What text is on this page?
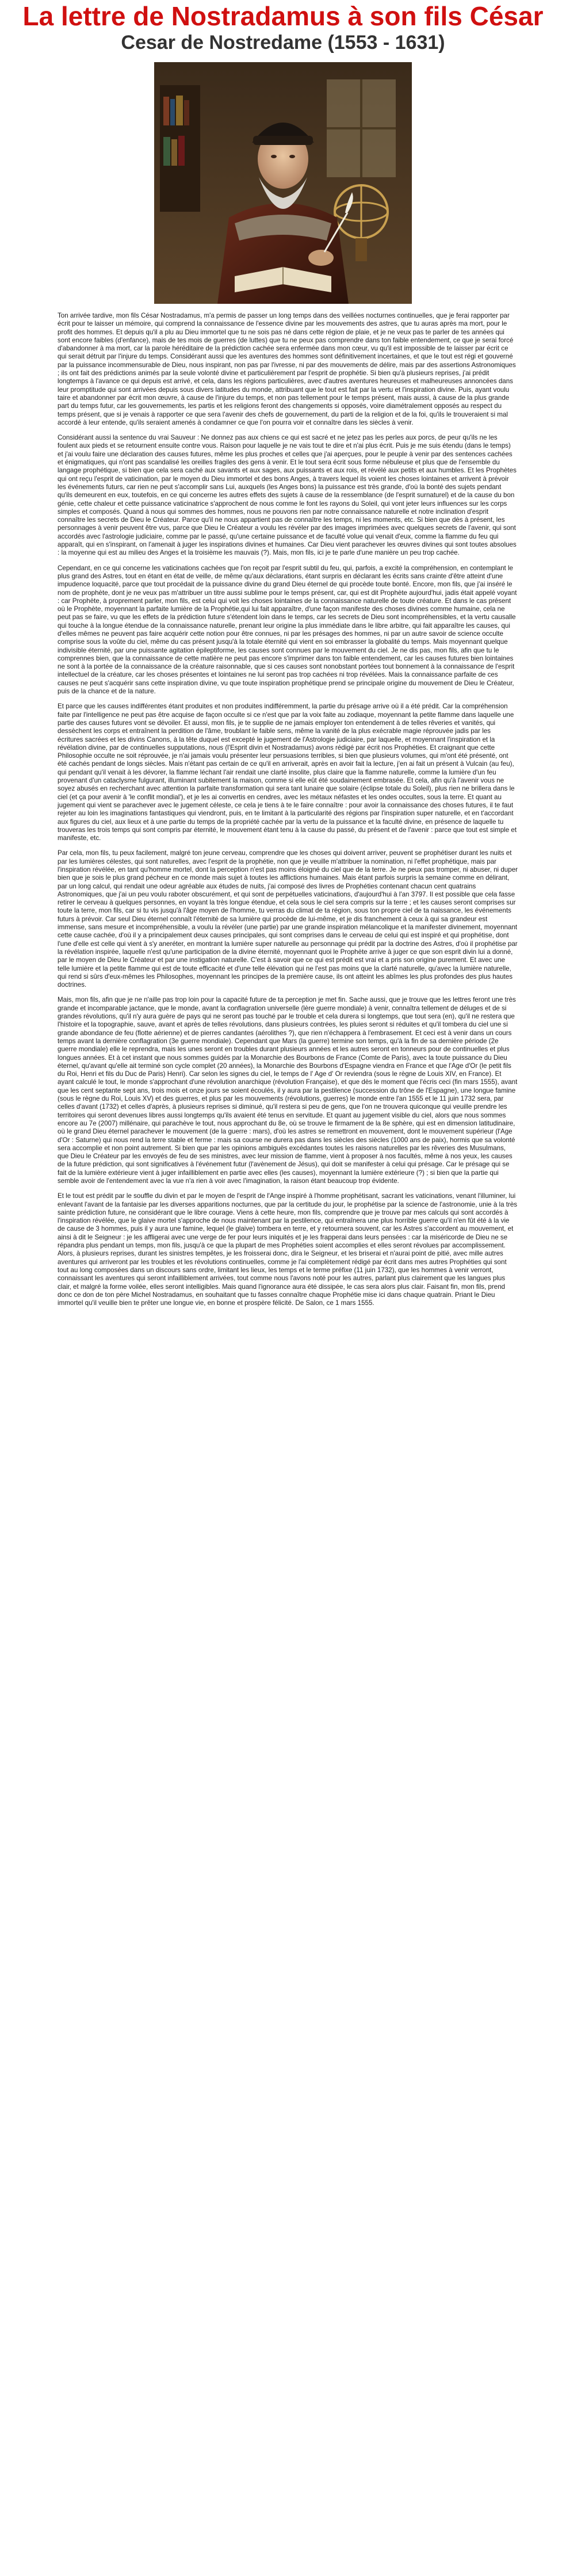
La lettre de Nostradamus à son fils César
Cesar de Nostredame (1553 - 1631)

Ton arrivée tardive, mon fils César Nostradamus, m'a permis de passer un long temps dans des veillées nocturnes continuelles, que je ferai rapporter par écrit pour te laisser un mémoire, qui comprend la connaissance de l'essence divine par les mouvements des astres, que tu auras après ma mort, pour le profit des hommes. Et depuis qu'il a plu au Dieu immortel que tu ne sois pas né dans cette région de plaie, et je ne veux pas te parler de tes années qui sont encore faibles (d'enfance), mais de tes mois de guerres (de luttes) que tu ne peux pas comprendre dans ton faible entendement, ce que je serai forcé d'abandonner à ma mort, car la parole héréditaire de la prédiction cachée sera enfermée dans mon cœur, vu qu'il est impossible de te laisser par écrit ce qui serait détruit par l'injure du temps. Considérant aussi que les aventures des hommes sont définitivement incertaines, et que le tout est régi et gouverné par la puissance incommensurable de Dieu, nous inspirant, non pas par l'ivresse, ni par des mouvements de délire, mais par des assertions Astronomiques ; ils ont fait des prédictions animés par la seule volonté divine et particulièrement par l'esprit de prophétie. Si bien qu'à plusieurs reprises, j'ai prédit longtemps à l'avance ce qui depuis est arrivé, et cela, dans les régions particulières, avec d'autres aventures heureuses et malheureuses annoncées dans leur promptitude qui sont arrivées depuis sous divers latitudes du monde, attribuant que le tout est fait par la vertu et l'inspiration divine. Puis, ayant voulu taire et abandonner par écrit mon œuvre, à cause de l'injure du temps, et non pas tellement pour le temps présent, mais aussi, à cause de la plus grande part du temps futur, car les gouvernements, les partis et les religions feront des changements si opposés, voire diamétralement opposés au respect du temps présent, que si je venais à rapporter ce que sera l'avenir des chefs de gouvernement, du parti de la religion et de la foi, qu'ils le trouveraient si mal accordé à leur entende, qu'ils seraient amenés à condamner ce que l'on pourra voir et connaître dans les siècles à venir.

Considérant aussi la sentence du vrai Sauveur : Ne donnez pas aux chiens ce qui est sacré et ne jetez pas les perles aux porcs, de peur qu'ils ne les foulent aux pieds et se retournent ensuite contre vous. Raison pour laquelle je ne vais tout te dire et n'ai plus écrit. Puis je me suis étendu (dans le temps) et j'ai voulu faire une déclaration des causes futures, même les plus proches et celles que j'ai aperçues, pour le peuple à venir par des sentences cachées et énigmatiques, qui n'ont pas scandalisé les oreilles fragiles des gens à venir. Et le tout sera écrit sous forme nébuleuse et plus que de l'ensemble du langage prophétique, si bien que cela sera caché aux savants et aux sages, aux puissants et aux rois, et révélé aux petits et aux humbles. Et les Prophètes qui ont reçu l'esprit de vaticination, par le moyen du Dieu immortel et des bons Anges, à travers lequel ils voient les choses lointaines et arrivent à prévoir les événements futurs, car rien ne peut s'accomplir sans Lui, auxquels (les Anges bons) la puissance est très grande, d'où la bonté des sujets pendant qu'ils demeurent en eux, toutefois, en ce qui concerne les autres effets des sujets à cause de la ressemblance (de l'esprit surnaturel) et de la cause du bon génie, cette chaleur et cette puissance vaticinatrice s'approchent de nous comme le font les rayons du Soleil, qui vont jeter leurs influences sur les corps simples et composés. Quand à nous qui sommes des hommes, nous ne pouvons rien par notre connaissance naturelle et notre inclination d'esprit connaître les secrets de Dieu le Créateur. Parce qu'il ne nous appartient pas de connaître les temps, ni les moments, etc. Si bien que dès à présent, les personnages à venir peuvent être vus, parce que Dieu le Créateur a voulu les révéler par des images imprimées avec quelques secrets de l'avenir, qui sont accordés avec l'astrologie judiciaire, comme par le passé, qu'une certaine puissance et de faculté volue qui venait d'eux, comme la flamme du feu qui apparaît, qui en s'inspirant, on l'amenait à juger les inspirations divines et humaines. Car Dieu vient parachever les œuvres divines qui sont toutes absolues : la moyenne qui est au milieu des Anges et la troisième les mauvais (?). Mais, mon fils, ici je te parle d'une manière un peu trop cachée.

Cependant, en ce qui concerne les vaticinations cachées que l'on reçoit par l'esprit subtil du feu, qui, parfois, a excité la compréhension, en contemplant le plus grand des Astres, tout en étant en état de veille, de même qu'aux déclarations, étant surpris en déclarant les écrits sans crainte d'être atteint d'une impudence loquacité, parce que tout procédait de la puissance divine du grand Dieu éternel de qui procède toute bonté. Encore, mon fils, que j'ai inséré le nom de prophète, dont je ne veux pas m'attribuer un titre aussi sublime pour le temps présent, car, qui est dit Prophète aujourd'hui, jadis était appelé voyant : car Prophète, à proprement parler, mon fils, est celui qui voit les choses lointaines de la connaissance naturelle de toute créature. Et dans le cas présent où le Prophète, moyennant la parfaite lumière de la Prophétie,qui lui fait apparaître, d'une façon manifeste des choses divines comme humaine, cela ne peut pas se faire, vu que les effets de la prédiction future s'étendent loin dans le temps, car les secrets de Dieu sont incompréhensibles, et la vertu causalle qui touche à la longue étendue de la connaissance naturelle, prenant leur origine la plus immédiate dans le libre arbitre, qui fait apparaître les causes, qui d'elles mêmes ne peuvent pas faire acquérir cette notion pour être connues, ni par les présages des hommes, ni par un autre savoir de science occulte comprise sous la voûte du ciel, même du cas présent jusqu'à la totale éternité qui vient en soi embrasser la globalité du temps. Mais moyennant quelque indivisible éternité, par une puissante agitation épileptiforme, les causes sont connues par le mouvement du ciel. Je ne dis pas, mon fils, afin que tu le comprennes bien, que la connaissance de cette matière ne peut pas encore s'imprimer dans ton faible entendement, car les causes futures bien lointaines ne sont à la portée de la connaissance de la créature raisonnable, que si ces causes sont nonobstant portées tout bonnement à la connaissance de l'esprit intellectuel de la créature, car les choses présentes et lointaines ne lui seront pas trop cachées ni trop révélées. Mais la connaissance parfaite de ces causes ne peut s'acquérir sans cette inspiration divine, vu que toute inspiration prophétique prend se principale origine du mouvement de Dieu le Créateur, puis de la chance et de la nature.

Et parce que les causes indifférentes étant produites et non produites indifféremment, la partie du présage arrive où il a été prédit. Car la compréhension faite par l'intelligence ne peut pas être acquise de façon occulte si ce n'est que par la voix faite au zodiaque, moyennant la petite flamme dans laquelle une partie des causes futures vont se dévoiler. Et aussi, mon fils, je te supplie de ne jamais employer ton entendement à de telles rêveries et vanités, qui dessèchent les corps et entraînent la perdition de l'âme, troublant le faible sens, même la vanité de la plus exécrable magie réprouvée jadis par les écritures sacrées et les divins Canons, à la tête duquel est excepté le jugement de l'Astrologie judiciaire, par laquelle, et moyennant l'inspiration et la révélation divine, par de continuelles supputations, nous (l'Esprit divin et Nostradamus) avons rédigé par écrit nos Prophéties. Et craignant que cette Philosophie occulte ne soit réprouvée, je n'ai jamais voulu présenter leur persuasions terribles, si bien que plusieurs volumes, qui m'ont été présenté, ont été cachés pendant de longs siècles. Mais n'étant pas certain de ce qu'il en arriverait, après en avoir fait la lecture, j'en ai fait un présent à Vulcain (au feu), qui pendant qu'il venait à les dévorer, la flamme léchant l'air rendait une clarté insolite, plus claire que la flamme naturelle, comme la lumière d'un feu provenant d'un cataclysme fulgurant, illuminant subitement la maison, comme si elle eût été soudainement embrasée. Et cela, afin qu'à l'avenir vous ne soyez abusés en recherchant avec attention la parfaite transformation qui sera tant lunaire que solaire (éclipse totale du Soleil), plus rien ne brillera dans le ciel (et ça pour avenir à 'le conflit mondial'), et je les ai convertis en cendres, avec les métaux néfastes et les ondes occultes, sous la terre. Et quant au jugement qui vient se parachever avec le jugement céleste, ce cela je tiens à te le faire connaître : pour avoir la connaissance des choses futures, il te faut rejeter au loin les imaginations fantastiques qui viendront, puis, en te limitant à la particularité des régions par l'inspiration super naturelle, et en t'accordant aux figures du ciel, aux lieux et à une partie du temps de la propriété cachée par la vertu de la puissance et la faculté divine, en présence de laquelle tu trouveras les trois temps qui sont compris par éternité, le mouvement étant tenu à la cause du passé, du présent et de l'avenir : parce que tout est simple et manifeste, etc.

Par cela, mon fils, tu peux facilement, malgré ton jeune cerveau, comprendre que les choses qui doivent arriver, peuvent se prophétiser durant les nuits et par les lumières célestes, qui sont naturelles, avec l'esprit de la prophétie, non que je veuille m'attribuer la nomination, ni l'effet prophétique, mais par l'inspiration révélée, en tant qu'homme mortel, dont la perception n'est pas moins éloigné du ciel que de la terre. Je ne peux pas tromper, ni abuser, ni duper bien que je sois le plus grand pécheur en ce monde mais sujet à toutes les afflictions humaines. Mais étant parfois surpris la semaine comme en délirant, par un long calcul, qui rendait une odeur agréable aux études de nuits, j'ai composé des livres de Prophéties contenant chacun cent quatrains Astronomiques, que j'ai un peu voulu raboter obscurément, et qui sont de perpétuelles vaticinations, d'aujourd'hui à l'an 3797. Il est possible que cela fasse retirer le cerveau à quelques personnes, en voyant la très longue étendue, et cela sous le ciel sera compris sur la terre ; et les causes seront comprises sur toute la terre, mon fils, car si tu vis jusqu'à l'âge moyen de l'homme, tu verras du climat de ta région, sous ton propre ciel de ta naissance, les événements futurs à prévoir. Car seul Dieu éternel connaît l'éternité de sa lumière qui procède de lui-même, et je dis franchement à ceux à qui sa grandeur est immense, sans mesure et incompréhensible, a voulu la révéler (une partie) par une grande inspiration mélancolique et la manifester divinement, moyennant cette cause cachée, d'où il y a principalement deux causes principales, qui sont comprises dans le cerveau de celui qui est inspiré et qui prophétise, dont l'une d'elle est celle qui vient à s'y aneréter, en montrant la lumière super naturelle au personnage qui prédit par la doctrine des Astres, d'où il prophétise par la révélation inspirée, laquelle n'est qu'une participation de la divine éternité, moyennant quoi le Prophète arrive à juger ce que son esprit divin lui a donné, par le moyen de Dieu le Créateur et par une instigation naturelle. C'est à savoir que ce qui est prédit est vrai et a pris son origine purement. Et avec une telle lumière et la petite flamme qui est de toute efficacité et d'une telle élévation qui ne l'est pas moins que la clarté naturelle, qu'avec la lumière naturelle, qui rend si sûrs d'eux-mêmes les Philosophes, moyennant les principes de la première cause, ils ont atteint les abîmes les plus profondes des plus hautes doctrines.

Mais, mon fils, afin que je ne n'aille pas trop loin pour la capacité future de ta perception je met fin. Sache aussi, que je trouve que les lettres feront une très grande et incomparable jactance, que le monde, avant la conflagration universelle (lère guerre mondiale) à venir, connaîtra tellement de déluges et de si grandes révolutions, qu'il n'y aura guère de pays qui ne seront pas touché par le trouble et cela durera si longtemps, que tout sera (en), qu'il ne restera que l'histoire et la topographie, sauve, avant et après de telles révolutions, dans plusieurs contrées, les pluies seront si réduites et qu'il tombera du ciel une si grande abondance de feu (flotte aérienne) et de pierres candantes (aérolithes ?), que rien n'échappera à l'embrasement. Et ceci est à venir dans un cours temps avant la dernière conflagration (3e guerre mondiale). Cependant que Mars (la guerre) termine son temps, qu'à la fin de sa dernière période (2e guerre mondiale) elle le reprendra, mais les unes seront en troubles durant plusieurs années et les autres seront en tonneurs pour de continuelles et plus longues années. Et à cet instant que nous sommes guidés par la Monarchie des Bourbons de France (Comte de Paris), avec la toute puissance du Dieu éternel, qu'avant qu'elle ait terminé son cycle complet (20 années), la Monarchie des Bourbons d'Espagne viendra en France et que l'Age d'Or (le petit fils du Roi, Henri et fils du Duc de Paris) Henri). Car selon les signes du ciel, le temps de l' Age d' Or reviendra (sous le règne de Louis XIV, en France). Et ayant calculé le tout, le monde s'approchant d'une révolution anarchique (révolution Française), et que dès le moment que l'écris ceci (fin mars 1555), avant que les cent septante sept ans, trois mois et onze jours se soient écoulés, il y aura par la pestilence (succession du trône de l'Espagne), une longue famine (sous le règne du Roi, Louis XV) et des guerres, et plus par les mouvements (révolutions, guerres) le monde entre l'an 1555 et le 11 juin 1732 sera, par celles d'avant (1732) et celles d'après, à plusieurs reprises si diminué, qu'il restera si peu de gens, que l'on ne trouvera quiconque qui veuille prendre les territoires qui seront devenues libres aussi longtemps qu'ils avaient été tenus en servitude. Et quant au jugement visible du ciel, alors que nous sommes encore au 7e (2007) millénaire, qui parachève le tout, nous approchant du 8e, où se trouve le firmament de la 8e sphère, qui est en dimension latitudinaire, où le grand Dieu éternel parachever le mouvement (de la guerre : mars), d'où les astres se remettront en mouvement, dont le mouvement supérieur (l'Age d'Or : Saturne) qui nous rend la terre stable et ferme : mais sa course ne durera pas dans les siècles des siècles (1000 ans de paix), hormis que sa volonté sera accomplie et non point autrement. Si bien que par les opinions ambiguës excédantes toutes les raisons naturelles par les rêveries des Musulmans, que Dieu le Créateur par les envoyés de feu de ses ministres, avec leur mission de flamme, vient à proposer à nos facultés, même à nos yeux, les causes de la future prédiction, qui sont significatives à l'événement futur (l'avènement de Jésus), qui doit se manifester à celui qui présage. Car le présage qui se fait de la lumière extérieure vient à juger infailliblement en partie avec elles (les causes), moyennant la lumière extérieure (?) ; si bien que la partie qui semble avoir de l'entendement avec la vue n'a rien à voir avec l'imagination, la raison étant beaucoup trop évidente.

Et le tout est prédit par le souffle du divin et par le moyen de l'esprit de l'Ange inspiré à l'homme prophétisant, sacrant les vaticinations, venant l'illuminer, lui enlevant l'avant de la fantaisie par les diverses apparitions nocturnes, que par la certitude du jour, le prophétise par la science de l'astronomie, unie à la très sainte prédiction future, ne considérant que le libre courage. Viens à cette heure, mon fils, comprendre que je trouve par mes calculs qui sont accordés à l'inspiration révélée, que le glaive mortel s'approche de nous maintenant par la pestilence, qui entraînera une plus horrible guerre qu'il n'en fût été à la vie de cause de 3 hommes, puis il y aura une famine, lequel (le glaive) tombera en terre, et y retournera souvent, car les Astres s'accordent au mouvement, et ainsi à dit le Seigneur : je les affligerai avec une verge de fer pour leurs iniquités et je les frapperai dans leurs pensées : car la miséricorde de Dieu ne se répandra plus pendant un temps, mon fils, jusqu'à ce que la plupart de mes Prophéties soient accomplies et elles seront révolues par accomplissement. Alors, à plusieurs reprises, durant les sinistres tempêtes, je les froisserai donc, dira le Seigneur, et les briserai et n'aurai point de pitié, avec mille autres aventures qui arriveront par les troubles et les révolutions continuelles, comme je l'ai complètement rédigé par écrit dans mes autres Prophéties qui sont tout au long composées dans un discours sans ordre, limitant les lieux, les temps et le terme préfixe (11 juin 1732), que les hommes à venir verront, connaissant les aventures qui seront infailliblement arrivées, tout comme nous l'avons noté pour les autres, parlant plus clairement que les langues plus clair, et malgré la forme voilée, elles seront intelligibles. Mais quand l'ignorance aura été dissipée, le cas sera alors plus clair. Faisant fin, mon fils, prend donc ce don de ton père Michel Nostradamus, en souhaitant que tu fasses connaître chaque Prophétie mise ici dans chaque quatrain. Priant le Dieu immortel qu'il veuille bien te prêter une longue vie, en bonne et prospère félicité. De Salon, ce 1 mars 1555.
